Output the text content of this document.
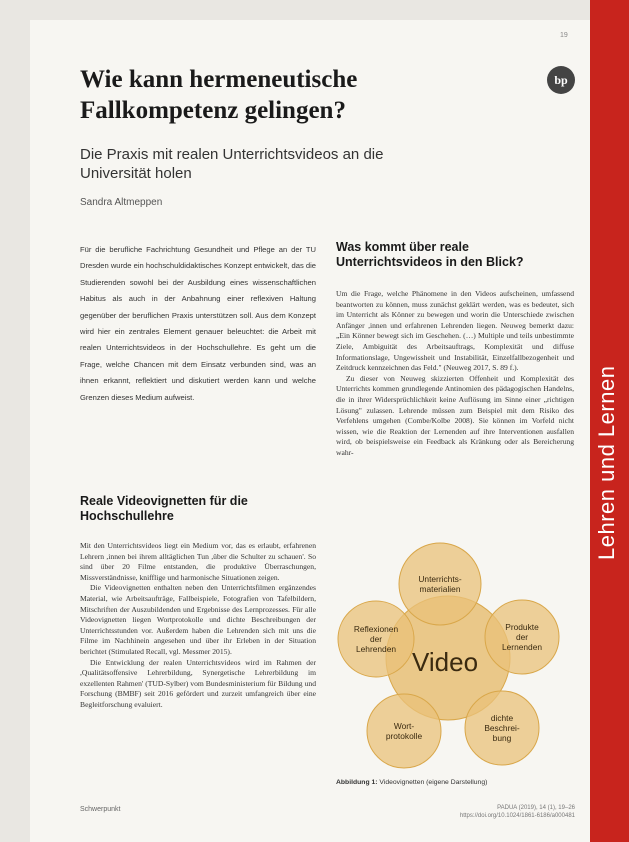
Lehren und Lernen
19
Wie kann hermeneutische Fallkompetenz gelingen?
bp
Die Praxis mit realen Unterrichtsvideos an die Universität holen
Sandra Altmeppen
Für die berufliche Fachrichtung Gesundheit und Pflege an der TU Dresden wurde ein hochschuldidaktisches Konzept entwickelt, das die Studierenden sowohl bei der Ausbildung eines wissenschaftlichen Habitus als auch in der Anbahnung einer reflexiven Haltung gegenüber der beruflichen Praxis unterstützen soll. Aus dem Konzept wird hier ein zentrales Element genauer beleuchtet: die Arbeit mit realen Unterrichtsvideos in der Hochschullehre. Es geht um die Frage, welche Chancen mit dem Einsatz verbunden sind, was an ihnen erkannt, reflektiert und diskutiert werden kann und welche Grenzen dieses Medium aufweist.
Reale Videovignetten für die Hochschullehre

Mit den Unterrichtsvideos liegt ein Medium vor, das es erlaubt, erfahrenen Lehrern ,innen bei ihrem alltäglichen Tun ,über die Schulter zu schauen'. So sind über 20 Filme entstanden, die produktive Überraschungen, Missverständnisse, knifflige und harmonische Situationen zeigen.

Die Videovignetten enthalten neben den Unterrichtsfilmen ergänzendes Material, wie Arbeitsaufträge, Fallbeispiele, Fotografien von Tafelbildern, Mitschriften der Auszubildenden und Ergebnisse des Lernprozesses. Für alle Videovignetten liegen Wortprotokolle und dichte Beschreibungen der Unterrichtsstunden vor. Außerdem haben die Lehrenden sich mit uns die Filme im Nachhinein angesehen und über ihr Erleben in der Situation berichtet (Stimulated Recall, vgl. Messmer 2015).

Die Entwicklung der realen Unterrichtsvideos wird im Rahmen der ,Qualitätsoffensive Lehrerbildung, Synergetische Lehrerbildung im exzellenten Rahmen' (TUD-Sylber) vom Bundesministerium für Bildung und Forschung (BMBF) seit 2016 gefördert und zurzeit umfangreich über eine Begleitforschung evaluiert.

Was kommt über reale Unterrichtsvideos in den Blick?

Um die Frage, welche Phänomene in den Videos aufscheinen, umfassend beantworten zu können, muss zunächst geklärt werden, was es bedeutet, sich im Unterricht als Könner zu bewegen und worin die Unterschiede zwischen Anfänger ,innen und erfahrenen Lehrenden liegen. Neuweg bemerkt dazu: „Ein Könner bewegt sich im Geschehen. (…) Multiple und teils unbestimmte Ziele, Ambiguität des Arbeitsauftrags, Komplexität und diffuse Informationslage, Ungewissheit und Instabilität, Einzelfallbezogenheit und Zeitdruck kennzeichnen das Feld." (Neuweg 2017, S. 89 f.).

Zu dieser von Neuweg skizzierten Offenheit und Komplexität des Unterrichts kommen grundlegende Antinomien des pädagogischen Handelns, die in ihrer Widersprüchlichkeit keine Auflösung im Sinne einer „richtigen Lösung" zulassen. Lehrende müssen zum Beispiel mit dem Risiko des Verfehlens umgehen (Combe/Kolbe 2008). Sie können im Vorfeld nicht wissen, wie die Reaktion der Lernenden auf ihre Interventionen ausfallen wird, ob beispielsweise ein Feedback als Kränkung oder als Bereicherung wahr-

Video
Unterrichts-
materialien
Produkte
der
Lernenden
dichte
Beschrei-
bung
Wort-
protokolle
Reflexionen
der
Lehrenden
Abbildung 1: Videovignetten (eigene Darstellung)
Schwerpunkt	PADUA (2019), 14 (1), 19–26
https://doi.org/10.1024/1861-6186/a000481
